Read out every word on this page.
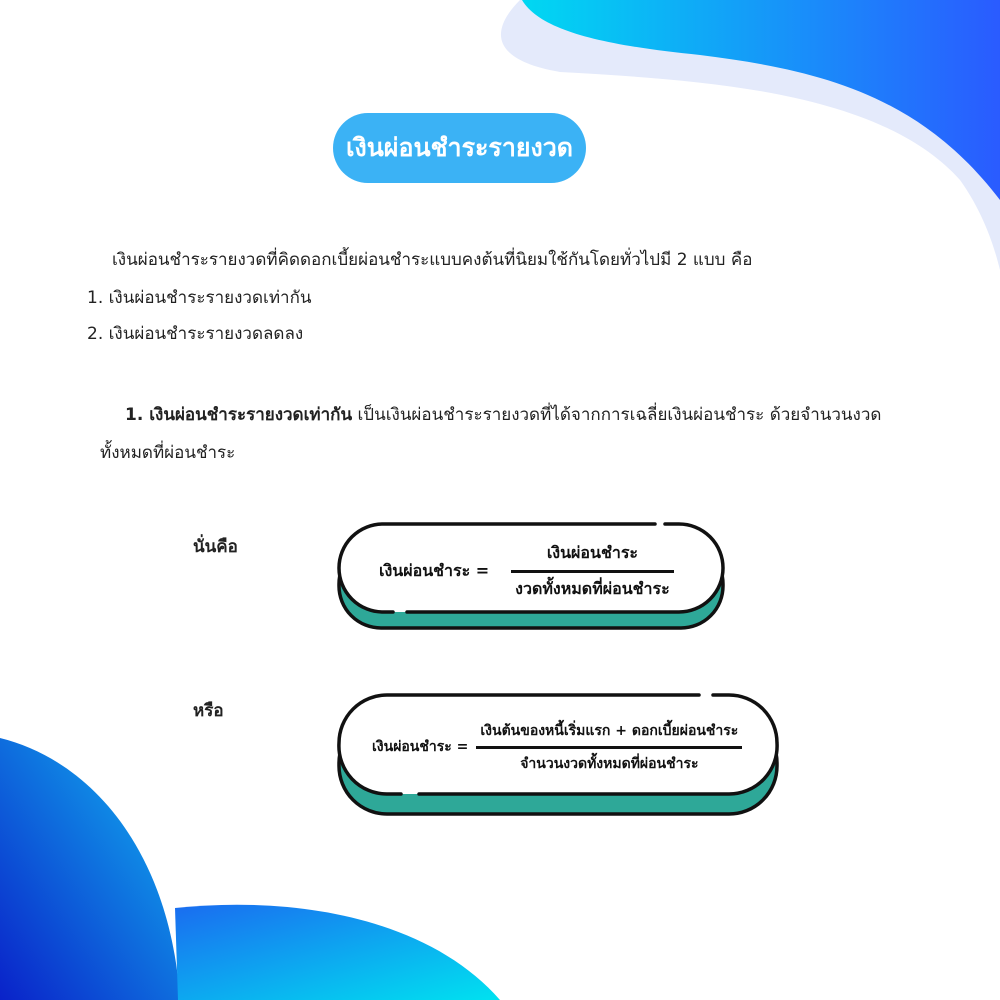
เงินผ่อนชำระรายงวด
เงินผ่อนชำระรายงวดที่คิดดอกเบี้ยผ่อนชำระแบบคงต้นที่นิยมใช้กันโดยทั่วไปมี 2 แบบ คือ
1. เงินผ่อนชำระรายงวดเท่ากัน
2. เงินผ่อนชำระรายงวดลดลง
1. เงินผ่อนชำระรายงวดเท่ากัน เป็นเงินผ่อนชำระรายงวดที่ได้จากการเฉลี่ยเงินผ่อนชำระ ด้วยจำนวนงวด
ทั้งหมดที่ผ่อนชำระ
นั่นคือ
หรือ
เงินผ่อนชำระ = $\frac{\text{เงินผ่อนชำระ}}{\text{งวดทั้งหมดที่ผ่อนชำระ}}$
เงินผ่อนชำระ = $\frac{\text{เงินต้นของหนี้เริ่มแรก + ดอกเบี้ยผ่อนชำระ}}{\text{จำนวนงวดทั้งหมดที่ผ่อนชำระ}}$
